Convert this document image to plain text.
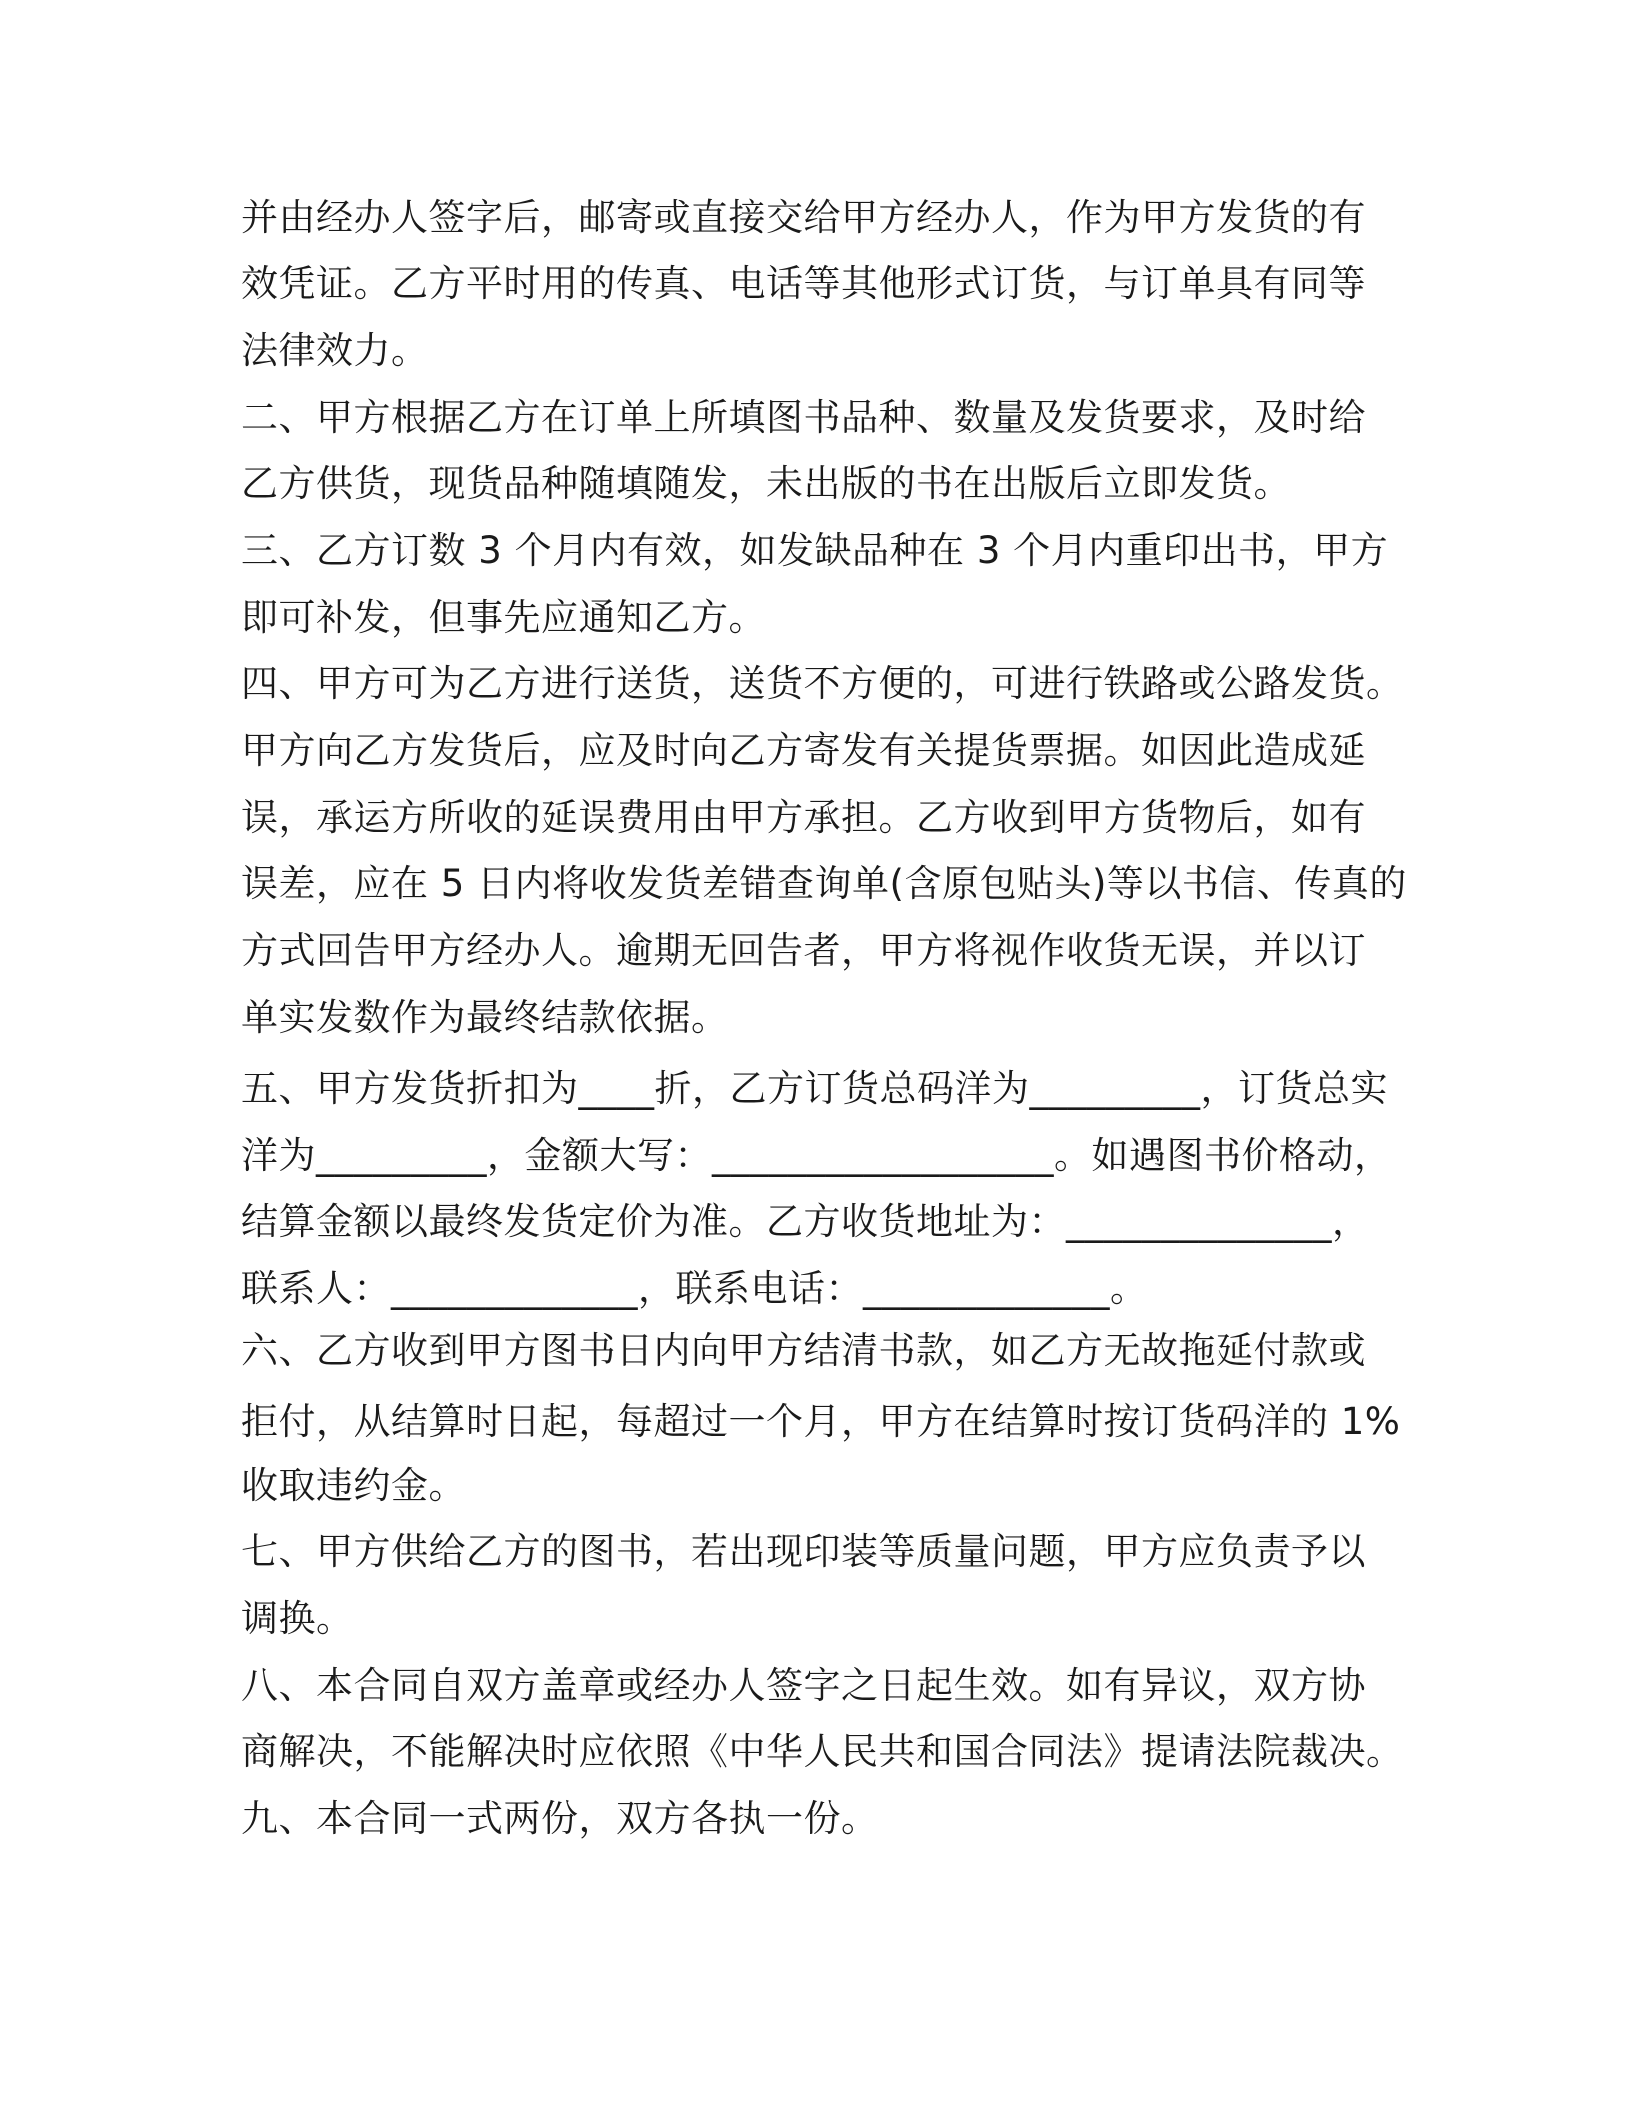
并由经办人签字后，邮寄或直接交给甲方经办人，作为甲方发货的有
效凭证。乙方平时用的传真、电话等其他形式订货，与订单具有同等
法律效力。
二、甲方根据乙方在订单上所填图书品种、数量及发货要求，及时给
乙方供货，现货品种随填随发，未出版的书在出版后立即发货。
三、乙方订数 3 个月内有效，如发缺品种在 3 个月内重印出书，甲方
即可补发，但事先应通知乙方。
四、甲方可为乙方进行送货，送货不方便的，可进行铁路或公路发货。
甲方向乙方发货后，应及时向乙方寄发有关提货票据。如因此造成延
误，承运方所收的延误费用由甲方承担。乙方收到甲方货物后，如有
误差，应在 5 日内将收发货差错查询单(含原包贴头)等以书信、传真的
方式回告甲方经办人。逾期无回告者，甲方将视作收货无误，并以订
单实发数作为最终结款依据。
五、甲方发货折扣为____折，乙方订货总码洋为_________，订货总实
洋为_________，金额大写：__________________。如遇图书价格动，
结算金额以最终发货定价为准。乙方收货地址为：______________，
联系人：_____________，联系电话：_____________。
六、乙方收到甲方图书日内向甲方结清书款，如乙方无故拖延付款或
拒付，从结算时日起，每超过一个月，甲方在结算时按订货码洋的 1%
收取违约金。
七、甲方供给乙方的图书，若出现印装等质量问题，甲方应负责予以
调换。
八、本合同自双方盖章或经办人签字之日起生效。如有异议，双方协
商解决，不能解决时应依照《中华人民共和国合同法》提请法院裁决。
九、本合同一式两份，双方各执一份。
